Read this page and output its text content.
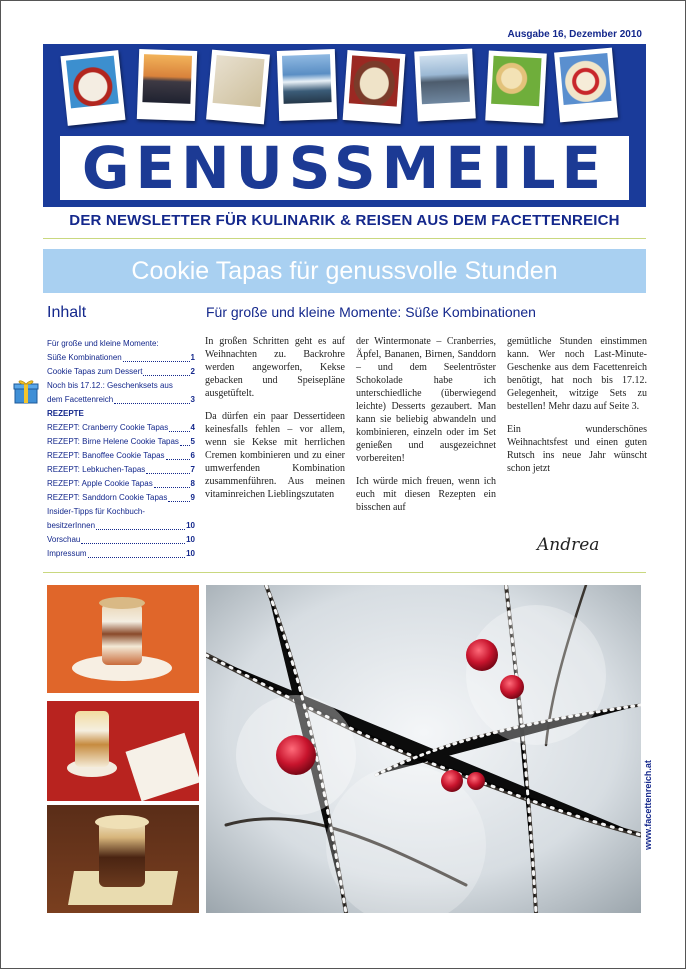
Ausgabe 16, Dezember 2010
GENUSSMEILE
DER NEWSLETTER FÜR KULINARIK & REISEN AUS DEM FACETTENREICH
Cookie Tapas für genussvolle Stunden
Inhalt
Für große und kleine Momente:
Süße Kombinationen	1
Cookie Tapas zum Dessert	2
Noch bis 17.12.: Geschenksets aus
dem Facettenreich	3
REZEPTE
REZEPT: Cranberry Cookie Tapas	4
REZEPT: Birne Helene Cookie Tapas 5
REZEPT: Banoffee Cookie Tapas	6
REZEPT: Lebkuchen-Tapas	7
REZEPT: Apple Cookie Tapas	8
REZEPT: Sanddorn Cookie Tapas	9
Insider-Tipps für Kochbuch-
besitzerInnen	10
Vorschau	10
Impressum	10
Für große und kleine Momente: Süße Kombinationen

In großen Schritten geht es auf Weihnachten zu. Backrohre werden angeworfen, Kekse gebacken und Speisepläne ausgetüftelt.

Da dürfen ein paar Dessertideen keinesfalls fehlen – vor allem, wenn sie Kekse mit herrlichen Cremen kombinieren und zu einer umwerfenden Kombination zusammenführen. Aus meinen vitaminreichen Lieblingszutaten

der Wintermonate – Cranberries, Äpfel, Bananen, Birnen, Sanddorn – und dem Seelentröster Schokolade habe ich unterschiedliche (überwiegend leichte) Desserts gezaubert. Man kann sie beliebig abwandeln und kombinieren, einzeln oder im Set genießen und ausgezeichnet vorbereiten!

Ich würde mich freuen, wenn ich euch mit diesen Rezepten ein bisschen auf

gemütliche Stunden einstimmen kann. Wer noch Last-Minute-Geschenke aus dem Facettenreich benötigt, hat noch bis 17.12. Gelegenheit, witzige Sets zu bestellen! Mehr dazu auf Seite 3.

Ein wunderschönes Weihnachtsfest und einen guten Rutsch ins neue Jahr wünscht schon jetzt

Andrea
www.facettenreich.at
